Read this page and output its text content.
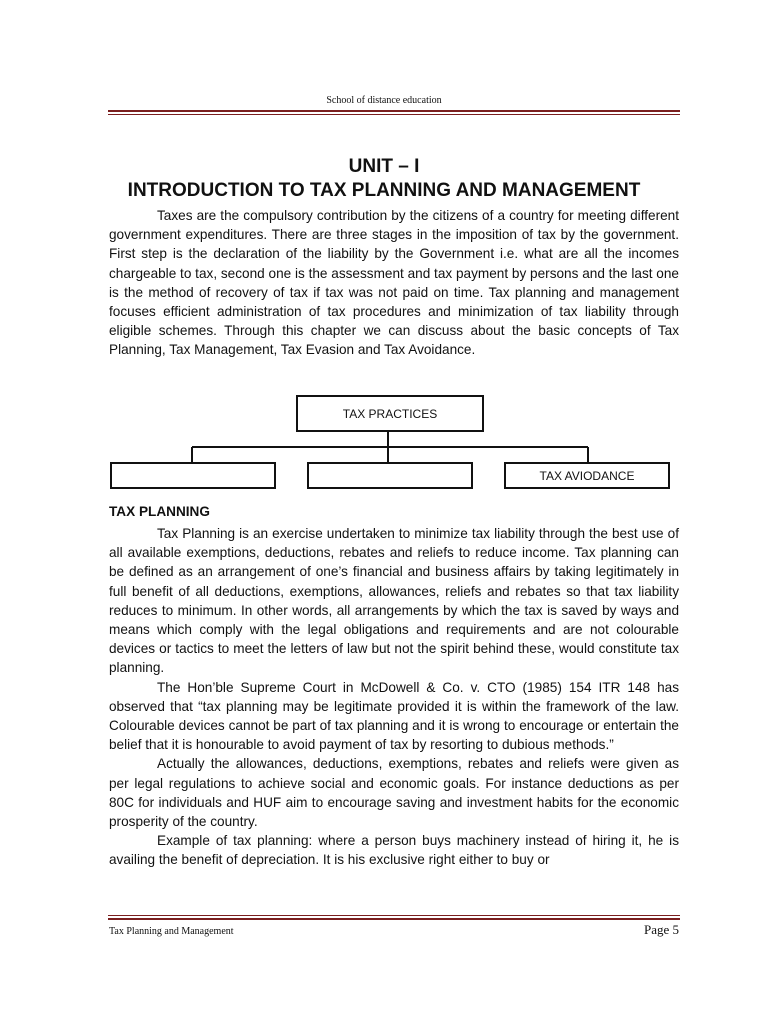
School of distance education
UNIT – I
INTRODUCTION TO TAX PLANNING AND MANAGEMENT

Taxes are the compulsory contribution by the citizens of a country for meeting different government expenditures. There are three stages in the imposition of tax by the government. First step is the declaration of the liability by the Government i.e. what are all the incomes chargeable to tax, second one is the assessment and tax payment by persons and the last one is the method of recovery of tax if tax was not paid on time. Tax planning and management focuses efficient administration of tax procedures and minimization of tax liability through eligible schemes. Through this chapter we can discuss about the basic concepts of Tax Planning, Tax Management, Tax Evasion and Tax Avoidance.

TAX PRACTICES
TAX AVIODANCE
TAX PLANNING

Tax Planning is an exercise undertaken to minimize tax liability through the best use of all available exemptions, deductions, rebates and reliefs to reduce income. Tax planning can be defined as an arrangement of one’s financial and business affairs by taking legitimately in full benefit of all deductions, exemptions, allowances, reliefs and rebates so that tax liability reduces to minimum. In other words, all arrangements by which the tax is saved by ways and means which comply with the legal obligations and requirements and are not colourable devices or tactics to meet the letters of law but not the spirit behind these, would constitute tax planning.

The Hon’ble Supreme Court in McDowell & Co. v. CTO (1985) 154 ITR 148 has observed that “tax planning may be legitimate provided it is within the framework of the law. Colourable devices cannot be part of tax planning and it is wrong to encourage or entertain the belief that it is honourable to avoid payment of tax by resorting to dubious methods.”

Actually the allowances, deductions, exemptions, rebates and reliefs were given as per legal regulations to achieve social and economic goals. For instance deductions as per 80C for individuals and HUF aim to encourage saving and investment habits for the economic prosperity of the country.

Example of tax planning: where a person buys machinery instead of hiring it, he is availing the benefit of depreciation. It is his exclusive right either to buy or

Tax Planning and Management	Page 5
